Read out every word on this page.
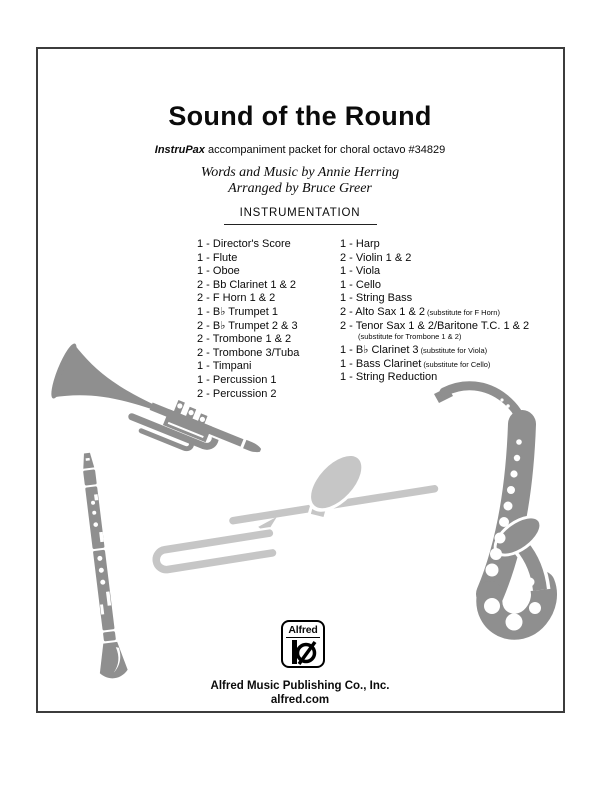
Sound of the Round
InstruPax accompaniment packet for choral octavo #34829
Words and Music by Annie Herring
Arranged by Bruce Greer
INSTRUMENTATION
1 - Director's Score
1 - Flute
1 - Oboe
2 - Bb Clarinet 1 & 2
2 - F Horn 1 & 2
1 - B♭ Trumpet 1
2 - B♭ Trumpet 2 & 3
2 - Trombone 1 & 2
2 - Trombone 3/Tuba
1 - Timpani
1 - Percussion 1
2 - Percussion 2
1 - Harp
2 - Violin 1 & 2
1 - Viola
1 - Cello
1 - String Bass
2 - Alto Sax 1 & 2 (substitute for F Horn)
2 - Tenor Sax 1 & 2/Baritone T.C. 1 & 2
(substitute for Trombone 1 & 2)
1 - B♭ Clarinet 3 (substitute for Viola)
1 - Bass Clarinet (substitute for Cello)
1 - String Reduction
Alfred
Alfred Music Publishing Co., Inc.
alfred.com
